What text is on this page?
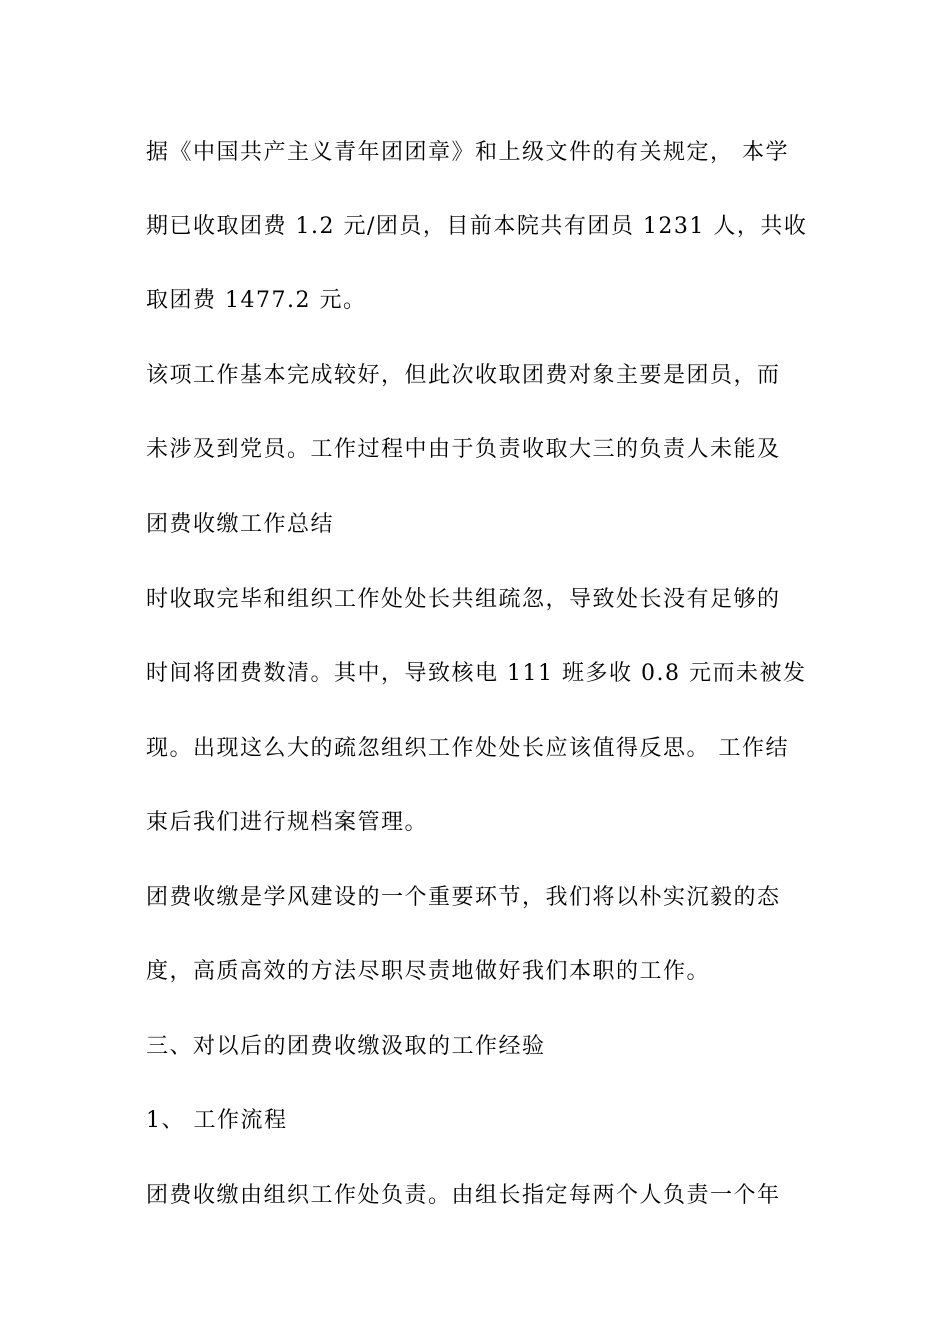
据《中国共产主义青年团团章》和上级文件的有关规定， 本学
期已收取团费 1.2 元/团员，目前本院共有团员 1231 人，共收
取团费 1477.2 元。
该项工作基本完成较好，但此次收取团费对象主要是团员，而
未涉及到党员。工作过程中由于负责收取大三的负责人未能及
团费收缴工作总结
时收取完毕和组织工作处处长共组疏忽，导致处长没有足够的
时间将团费数清。其中，导致核电 111 班多收 0.8 元而未被发
现。出现这么大的疏忽组织工作处处长应该值得反思。 工作结
束后我们进行规档案管理。
团费收缴是学风建设的一个重要环节，我们将以朴实沉毅的态
度，高质高效的方法尽职尽责地做好我们本职的工作。
三、对以后的团费收缴汲取的工作经验
1、 工作流程
团费收缴由组织工作处负责。由组长指定每两个人负责一个年
